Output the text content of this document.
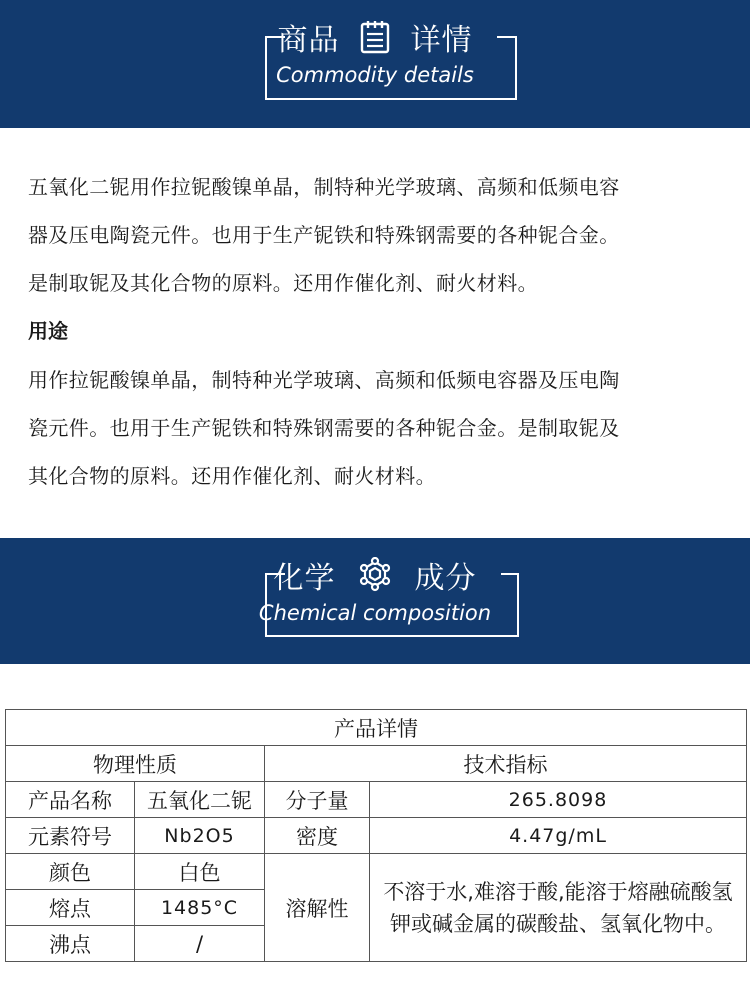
商品 详情
Commodity details
五氧化二铌用作拉铌酸镍单晶，制特种光学玻璃、高频和低频电容
器及压电陶瓷元件。也用于生产铌铁和特殊钢需要的各种铌合金。
是制取铌及其化合物的原料。还用作催化剂、耐火材料。
用途
用作拉铌酸镍单晶，制特种光学玻璃、高频和低频电容器及压电陶
瓷元件。也用于生产铌铁和特殊钢需要的各种铌合金。是制取铌及
其化合物的原料。还用作催化剂、耐火材料。
化学	成分
Chemical composition
产品详情			
物理性质		技术指标	
产品名称	五氧化二铌	分子量	265.8098
元素符号	Nb2O5	密度	4.47g/mL
颜色	白色	溶解性	不溶于水,难溶于酸,能溶于熔融硫酸氢钾或碱金属的碳酸盐、氢氧化物中。
熔点	1485°C		
沸点	/		
